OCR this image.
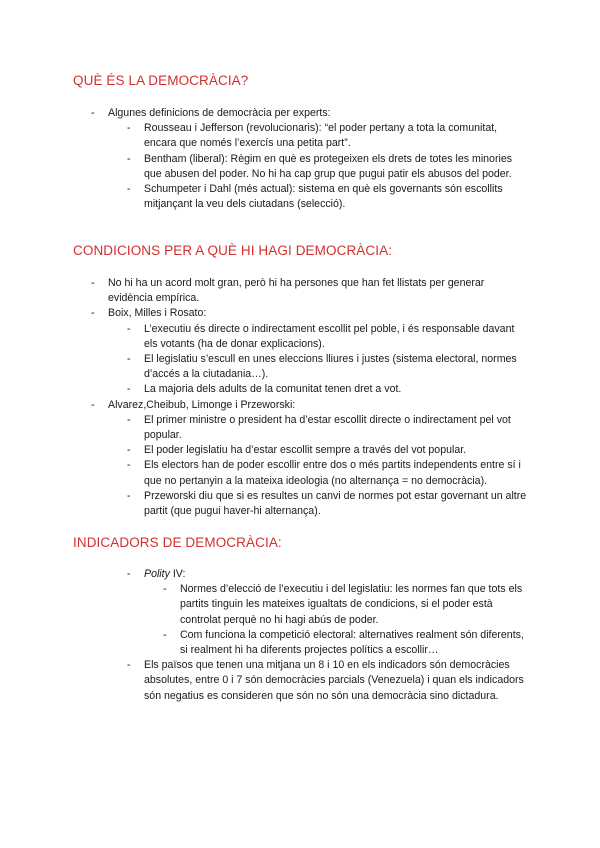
QUÈ ÉS LA DEMOCRÀCIA?
- Algunes definicions de democràcia per experts:
- Rousseau i Jefferson (revolucionaris): “el poder pertany a tota la comunitat, encara que només l’exercís una petita part”.
- Bentham (liberal): Règim en què es protegeixen els drets de totes les minories que abusen del poder. No hi ha cap grup que pugui patir els abusos del poder.
- Schumpeter i Dahl (més actual): sistema en què els governants són escollits mitjançant la veu dels ciutadans (selecció).
CONDICIONS PER A QUÈ HI HAGI DEMOCRÀCIA:
- No hi ha un acord molt gran, però hi ha persones que han fet llistats per generar evidència empírica.
- Boix, Milles i Rosato:
- L’executiu és directe o indirectament escollit pel poble, i és responsable davant els votants (ha de donar explicacions).
- El legislatiu s’escull en unes eleccions lliures i justes (sistema electoral, normes d’accés a la ciutadania…).
- La majoria dels adults de la comunitat tenen dret a vot.
- Alvarez,Cheibub, Limonge i Przeworski:
- El primer ministre o president ha d’estar escollit directe o indirectament pel vot popular.
- El poder legislatiu ha d’estar escollit sempre a través del vot popular.
- Els electors han de poder escollir entre dos o més partits independents entre sí i que no pertanyin a la mateixa ideologia (no alternança = no democràcia).
- Przeworski diu que si es resultes un canvi de normes pot estar governant un altre partit (que pugui haver-hi alternança).
INDICADORS DE DEMOCRÀCIA:
- Polity IV:
- Normes d’elecció de l’executiu i del legislatiu: les normes fan que tots els partits tinguin les mateixes igualtats de condicions, si el poder està controlat perquè no hi hagi abús de poder.
- Com funciona la competició electoral: alternatives realment són diferents, si realment hi ha diferents projectes polítics a escollir…
- Els països que tenen una mitjana un 8 i 10 en els indicadors són democràcies absolutes, entre 0 i 7 són democràcies parcials (Venezuela) i quan els indicadors són negatius es consideren que són no són una democràcia sino dictadura.
